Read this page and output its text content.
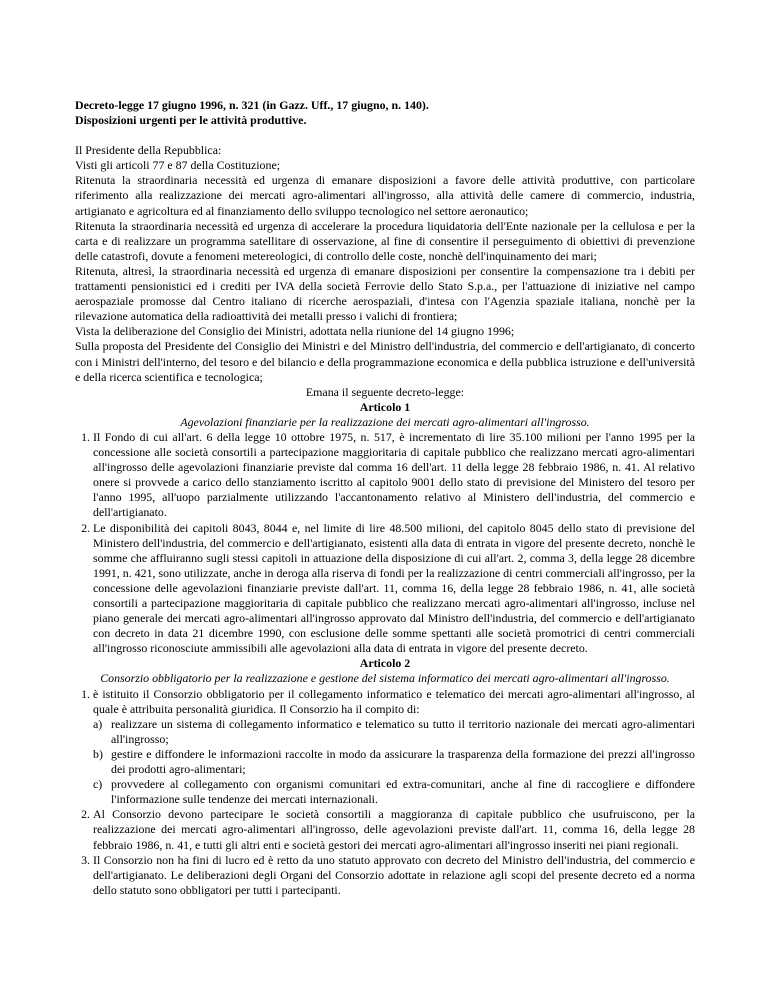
Decreto-legge 17 giugno 1996, n. 321 (in Gazz. Uff., 17 giugno, n. 140).

Disposizioni urgenti per le attività produttive.

Il Presidente della Repubblica:

Visti gli articoli 77 e 87 della Costituzione;

Ritenuta la straordinaria necessità ed urgenza di emanare disposizioni a favore delle attività produttive, con particolare riferimento alla realizzazione dei mercati agro-alimentari all'ingrosso, alla attività delle camere di commercio, industria, artigianato e agricoltura ed al finanziamento dello sviluppo tecnologico nel settore aeronautico;

Ritenuta la straordinaria necessità ed urgenza di accelerare la procedura liquidatoria dell'Ente nazionale per la cellulosa e per la carta e di realizzare un programma satellitare di osservazione, al fine di consentire il perseguimento di obiettivi di prevenzione delle catastrofi, dovute a fenomeni metereologici, di controllo delle coste, nonchè dell'inquinamento dei mari;

Ritenuta, altresì, la straordinaria necessità ed urgenza di emanare disposizioni per consentire la compensazione tra i debiti per trattamenti pensionistici ed i crediti per IVA della società Ferrovie dello Stato S.p.a., per l'attuazione di iniziative nel campo aerospaziale promosse dal Centro italiano di ricerche aerospaziali, d'intesa con l'Agenzia spaziale italiana, nonchè per la rilevazione automatica della radioattività dei metalli presso i valichi di frontiera;

Vista la deliberazione del Consiglio dei Ministri, adottata nella riunione del 14 giugno 1996;

Sulla proposta del Presidente del Consiglio dei Ministri e del Ministro dell'industria, del commercio e dell'artigianato, di concerto con i Ministri dell'interno, del tesoro e del bilancio e della programmazione economica e della pubblica istruzione e dell'università e della ricerca scientifica e tecnologica;

Emana il seguente decreto-legge:

Articolo 1

Agevolazioni finanziarie per la realizzazione dei mercati agro-alimentari all'ingrosso.

1. Il Fondo di cui all'art. 6 della legge 10 ottobre 1975, n. 517, è incrementato di lire 35.100 milioni per l'anno 1995 per la concessione alle società consortili a partecipazione maggioritaria di capitale pubblico che realizzano mercati agro-alimentari all'ingrosso delle agevolazioni finanziarie previste dal comma 16 dell'art. 11 della legge 28 febbraio 1986, n. 41. Al relativo onere si provvede a carico dello stanziamento iscritto al capitolo 9001 dello stato di previsione del Ministero del tesoro per l'anno 1995, all'uopo parzialmente utilizzando l'accantonamento relativo al Ministero dell'industria, del commercio e dell'artigianato.
2. Le disponibilità dei capitoli 8043, 8044 e, nel limite di lire 48.500 milioni, del capitolo 8045 dello stato di previsione del Ministero dell'industria, del commercio e dell'artigianato, esistenti alla data di entrata in vigore del presente decreto, nonchè le somme che affluiranno sugli stessi capitoli in attuazione della disposizione di cui all'art. 2, comma 3, della legge 28 dicembre 1991, n. 421, sono utilizzate, anche in deroga alla riserva di fondi per la realizzazione di centri commerciali all'ingrosso, per la concessione delle agevolazioni finanziarie previste dall'art. 11, comma 16, della legge 28 febbraio 1986, n. 41, alle società consortili a partecipazione maggioritaria di capitale pubblico che realizzano mercati agro-alimentari all'ingrosso, incluse nel piano generale dei mercati agro-alimentari all'ingrosso approvato dal Ministro dell'industria, del commercio e dell'artigianato con decreto in data 21 dicembre 1990, con esclusione delle somme spettanti alle società promotrici di centri commerciali all'ingrosso riconosciute ammissibili alle agevolazioni alla data di entrata in vigore del presente decreto.

Articolo 2

Consorzio obbligatorio per la realizzazione e gestione del sistema informatico dei mercati agro-alimentari all'ingrosso.

1. è istituito il Consorzio obbligatorio per il collegamento informatico e telematico dei mercati agro-alimentari all'ingrosso, al quale è attribuita personalità giuridica. Il Consorzio ha il compito di:
a) realizzare un sistema di collegamento informatico e telematico su tutto il territorio nazionale dei mercati agro-alimentari all'ingrosso;
b) gestire e diffondere le informazioni raccolte in modo da assicurare la trasparenza della formazione dei prezzi all'ingrosso dei prodotti agro-alimentari;
c) provvedere al collegamento con organismi comunitari ed extra-comunitari, anche al fine di raccogliere e diffondere l'informazione sulle tendenze dei mercati internazionali.
2. Al Consorzio devono partecipare le società consortili a maggioranza di capitale pubblico che usufruiscono, per la realizzazione dei mercati agro-alimentari all'ingrosso, delle agevolazioni previste dall'art. 11, comma 16, della legge 28 febbraio 1986, n. 41, e tutti gli altri enti e società gestori dei mercati agro-alimentari all'ingrosso inseriti nei piani regionali.
3. Il Consorzio non ha fini di lucro ed è retto da uno statuto approvato con decreto del Ministro dell'industria, del commercio e dell'artigianato. Le deliberazioni degli Organi del Consorzio adottate in relazione agli scopi del presente decreto ed a norma dello statuto sono obbligatori per tutti i partecipanti.
